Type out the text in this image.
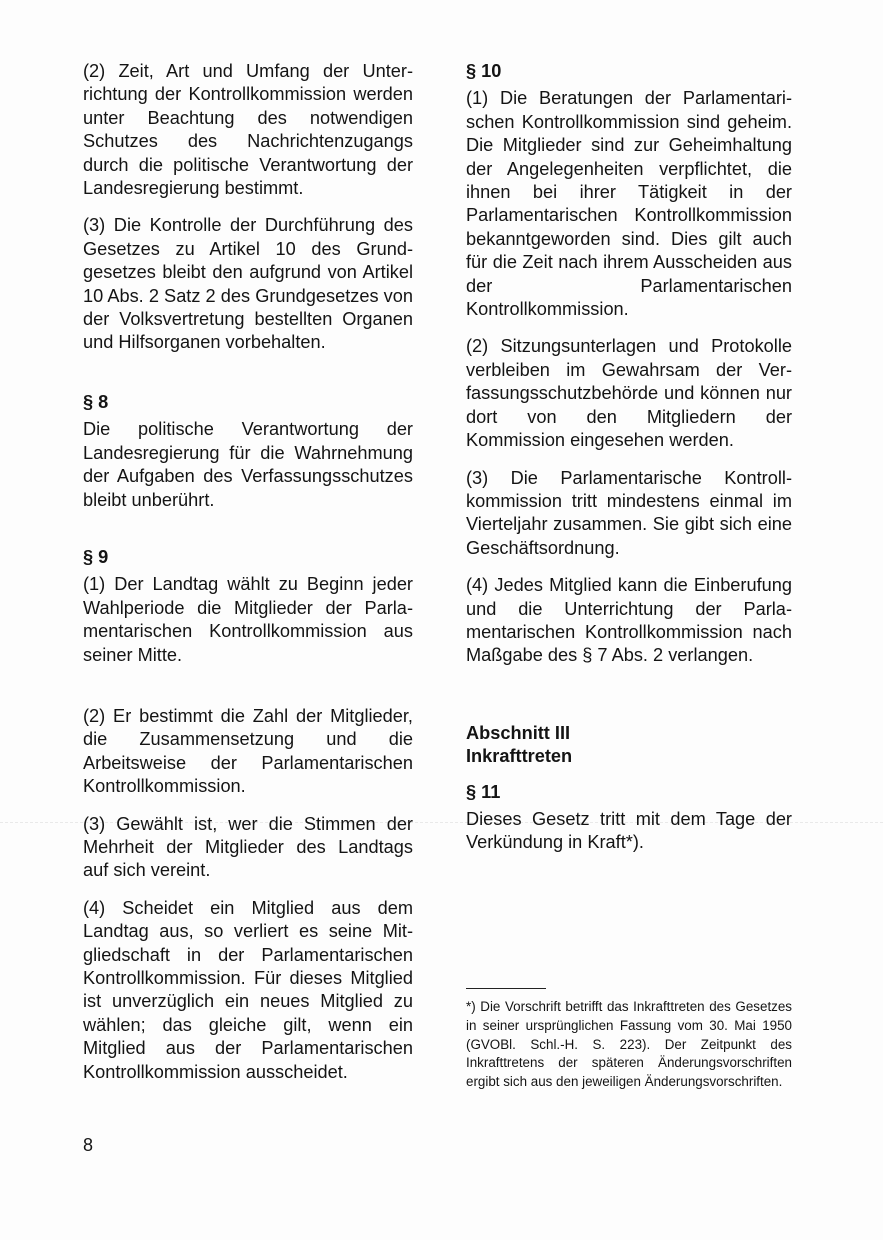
(2) Zeit, Art und Umfang der Unterrichtung der Kontrollkommission werden unter Beachtung des notwendigen Schutzes des Nachrichtenzugangs durch die politische Verantwortung der Landesregierung bestimmt.

(3) Die Kontrolle der Durchführung des Gesetzes zu Artikel 10 des Grundgesetzes bleibt den aufgrund von Artikel 10 Abs. 2 Satz 2 des Grundgesetzes von der Volksvertretung bestellten Organen und Hilfsorganen vorbehalten.

§ 8

Die politische Verantwortung der Landesregierung für die Wahrnehmung der Aufgaben des Verfassungsschutzes bleibt unberührt.

§ 9

(1) Der Landtag wählt zu Beginn jeder Wahlperiode die Mitglieder der Parlamentarischen Kontrollkommission aus seiner Mitte.

(2) Er bestimmt die Zahl der Mitglieder, die Zusammensetzung und die Arbeitsweise der Parlamentarischen Kontrollkommission.

(3) Gewählt ist, wer die Stimmen der Mehrheit der Mitglieder des Landtags auf sich vereint.

(4) Scheidet ein Mitglied aus dem Landtag aus, so verliert es seine Mitgliedschaft in der Parlamentarischen Kontrollkommission. Für dieses Mitglied ist unverzüglich ein neues Mitglied zu wählen; das gleiche gilt, wenn ein Mitglied aus der Parlamentarischen Kontrollkommission ausscheidet.

§ 10

(1) Die Beratungen der Parlamentarischen Kontrollkommission sind geheim. Die Mitglieder sind zur Geheimhaltung der Angelegenheiten verpflichtet, die ihnen bei ihrer Tätigkeit in der Parlamentarischen Kontrollkommission bekanntgeworden sind. Dies gilt auch für die Zeit nach ihrem Ausscheiden aus der Parlamentarischen Kontrollkommission.

(2) Sitzungsunterlagen und Protokolle verbleiben im Gewahrsam der Verfassungsschutzbehörde und können nur dort von den Mitgliedern der Kommission eingesehen werden.

(3) Die Parlamentarische Kontrollkommission tritt mindestens einmal im Vierteljahr zusammen. Sie gibt sich eine Geschäftsordnung.

(4) Jedes Mitglied kann die Einberufung und die Unterrichtung der Parlamentarischen Kontrollkommission nach Maßgabe des § 7 Abs. 2 verlangen.

Abschnitt III

Inkrafttreten

§ 11

Dieses Gesetz tritt mit dem Tage der Verkündung in Kraft*).

*) Die Vorschrift betrifft das Inkrafttreten des Gesetzes in seiner ursprünglichen Fassung vom 30. Mai 1950 (GVOBl. Schl.-H. S. 223). Der Zeitpunkt des Inkrafttretens der späteren Änderungsvorschriften ergibt sich aus den jeweiligen Änderungsvorschriften.

8
